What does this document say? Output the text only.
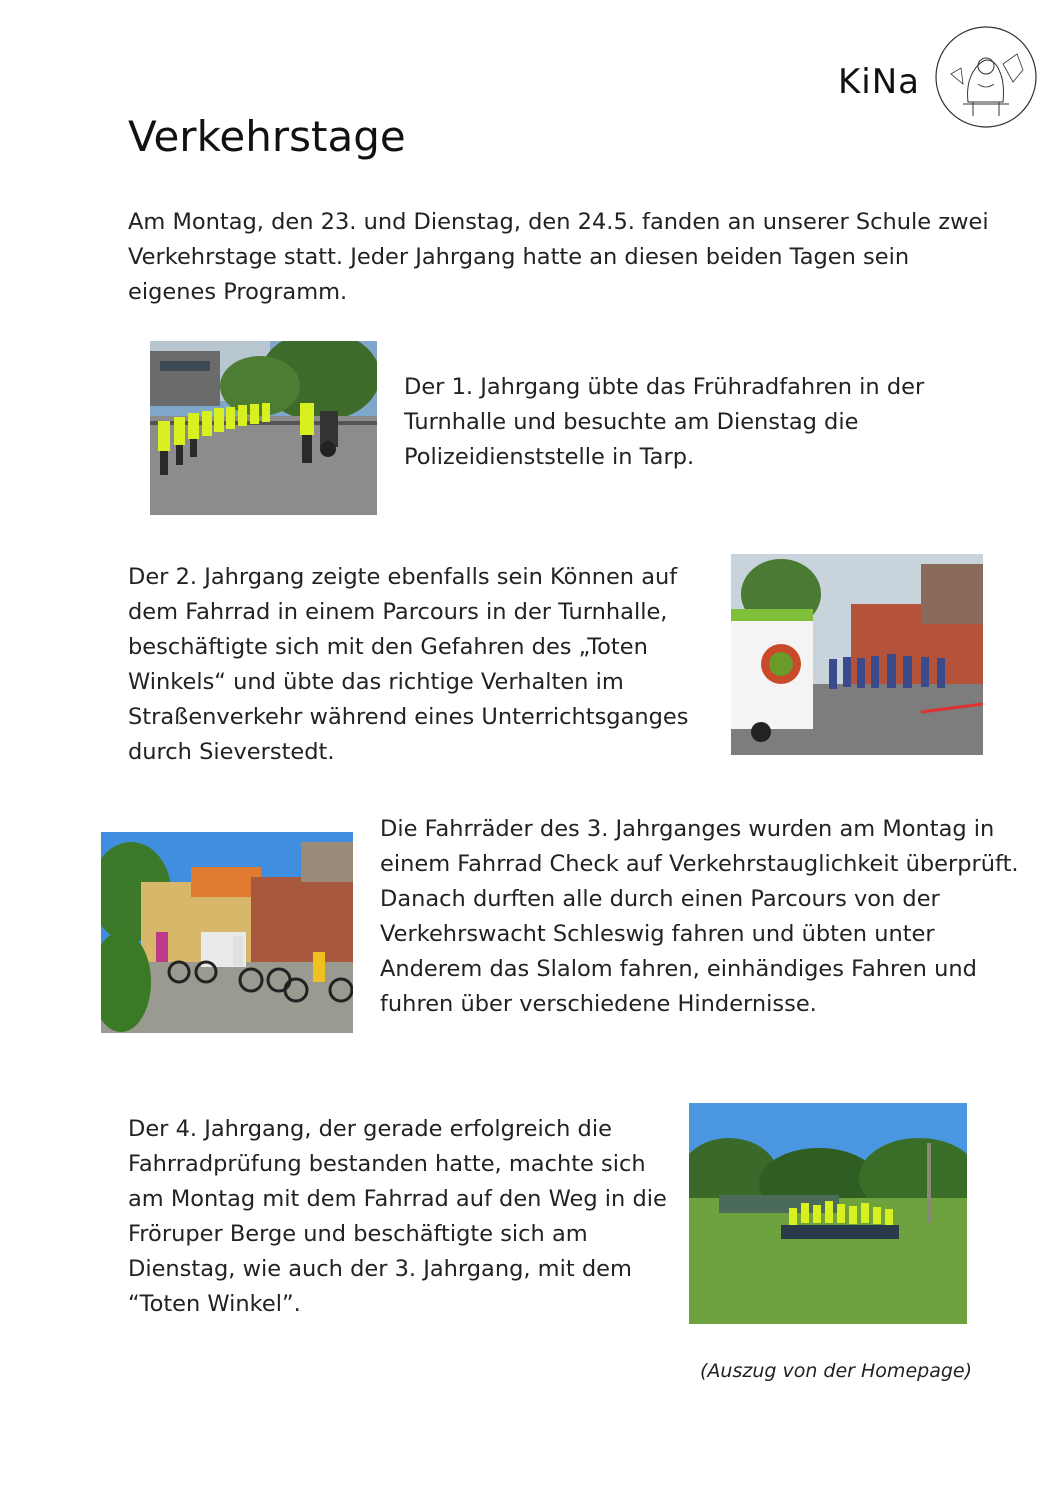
KiNa
Verkehrstage

Am Montag, den 23. und Dienstag, den 24.5. fanden an unserer Schule zwei Verkehrstage statt. Jeder Jahrgang hatte an diesen beiden Tagen sein eigenes Programm.

Der 1. Jahrgang übte das Frühradfahren in der Turnhalle und besuchte am Dienstag die Polizeidienststelle in Tarp.

Der 2. Jahrgang zeigte ebenfalls sein Können auf dem Fahrrad in einem Parcours in der Turnhalle, beschäftigte sich mit den Gefahren des „Toten Winkels“ und übte das richtige Verhalten im Straßenverkehr während eines Unterrichtsganges durch Sieverstedt.

Die Fahrräder des 3. Jahrganges wurden am Montag in einem Fahrrad Check auf Verkehrstauglichkeit überprüft. Danach durften alle durch einen Parcours von der Verkehrswacht Schleswig fahren und übten unter Anderem das Slalom fahren, einhändiges Fahren und fuhren über verschiedene Hindernisse.

Der 4. Jahrgang, der gerade erfolgreich die Fahrradprüfung bestanden hatte, machte sich am Montag mit dem Fahrrad auf den Weg in die Fröruper Berge und beschäftigte sich am Dienstag, wie auch der 3. Jahrgang, mit dem “Toten Winkel”.

(Auszug von der Homepage)
